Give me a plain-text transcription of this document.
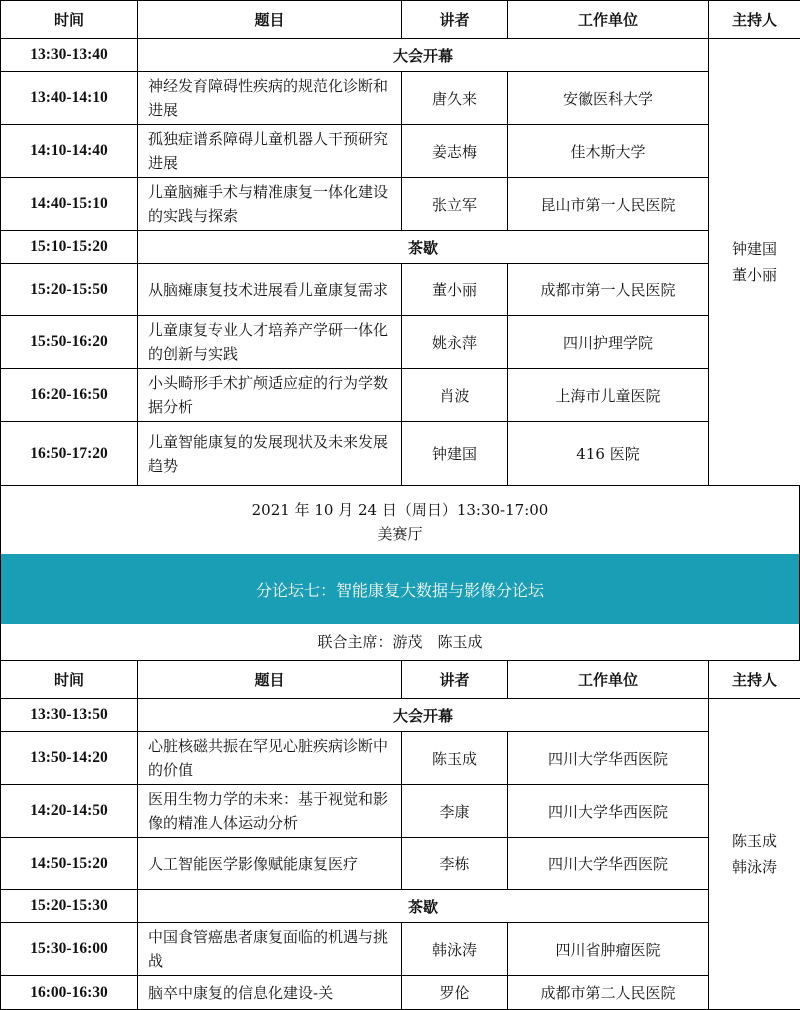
时间	题目	讲者	工作单位	主持人
13:30-13:40	大会开幕			钟建国
董小丽

13:40-14:10	神经发育障碍性疾病的规范化诊断和进展	唐久来	安徽医科大学	
14:10-14:40	孤独症谱系障碍儿童机器人干预研究进展	姜志梅	佳木斯大学	
14:40-15:10	儿童脑瘫手术与精准康复一体化建设的实践与探索	张立军	昆山市第一人民医院	
15:10-15:20	茶歇			
15:20-15:50	从脑瘫康复技术进展看儿童康复需求	董小丽	成都市第一人民医院	
15:50-16:20	儿童康复专业人才培养产学研一体化的创新与实践	姚永萍	四川护理学院	
16:20-16:50	小头畸形手术扩颅适应症的行为学数据分析	肖波	上海市儿童医院	
16:50-17:20	儿童智能康复的发展现状及未来发展趋势	钟建国	416 医院	
2021 年 10 月 24 日（周日）13:30-17:00
美赛厅
分论坛七：智能康复大数据与影像分论坛
联合主席：游茂　陈玉成
时间	题目	讲者	工作单位	主持人
13:30-13:50	大会开幕			陈玉成
韩泳涛

13:50-14:20	心脏核磁共振在罕见心脏疾病诊断中的价值	陈玉成	四川大学华西医院	
14:20-14:50	医用生物力学的未来：基于视觉和影像的精准人体运动分析	李康	四川大学华西医院	
14:50-15:20	人工智能医学影像赋能康复医疗	李栋	四川大学华西医院	
15:20-15:30	茶歇			
15:30-16:00	中国食管癌患者康复面临的机遇与挑战	韩泳涛	四川省肿瘤医院	
16:00-16:30	脑卒中康复的信息化建设-关	罗伦	成都市第二人民医院	
